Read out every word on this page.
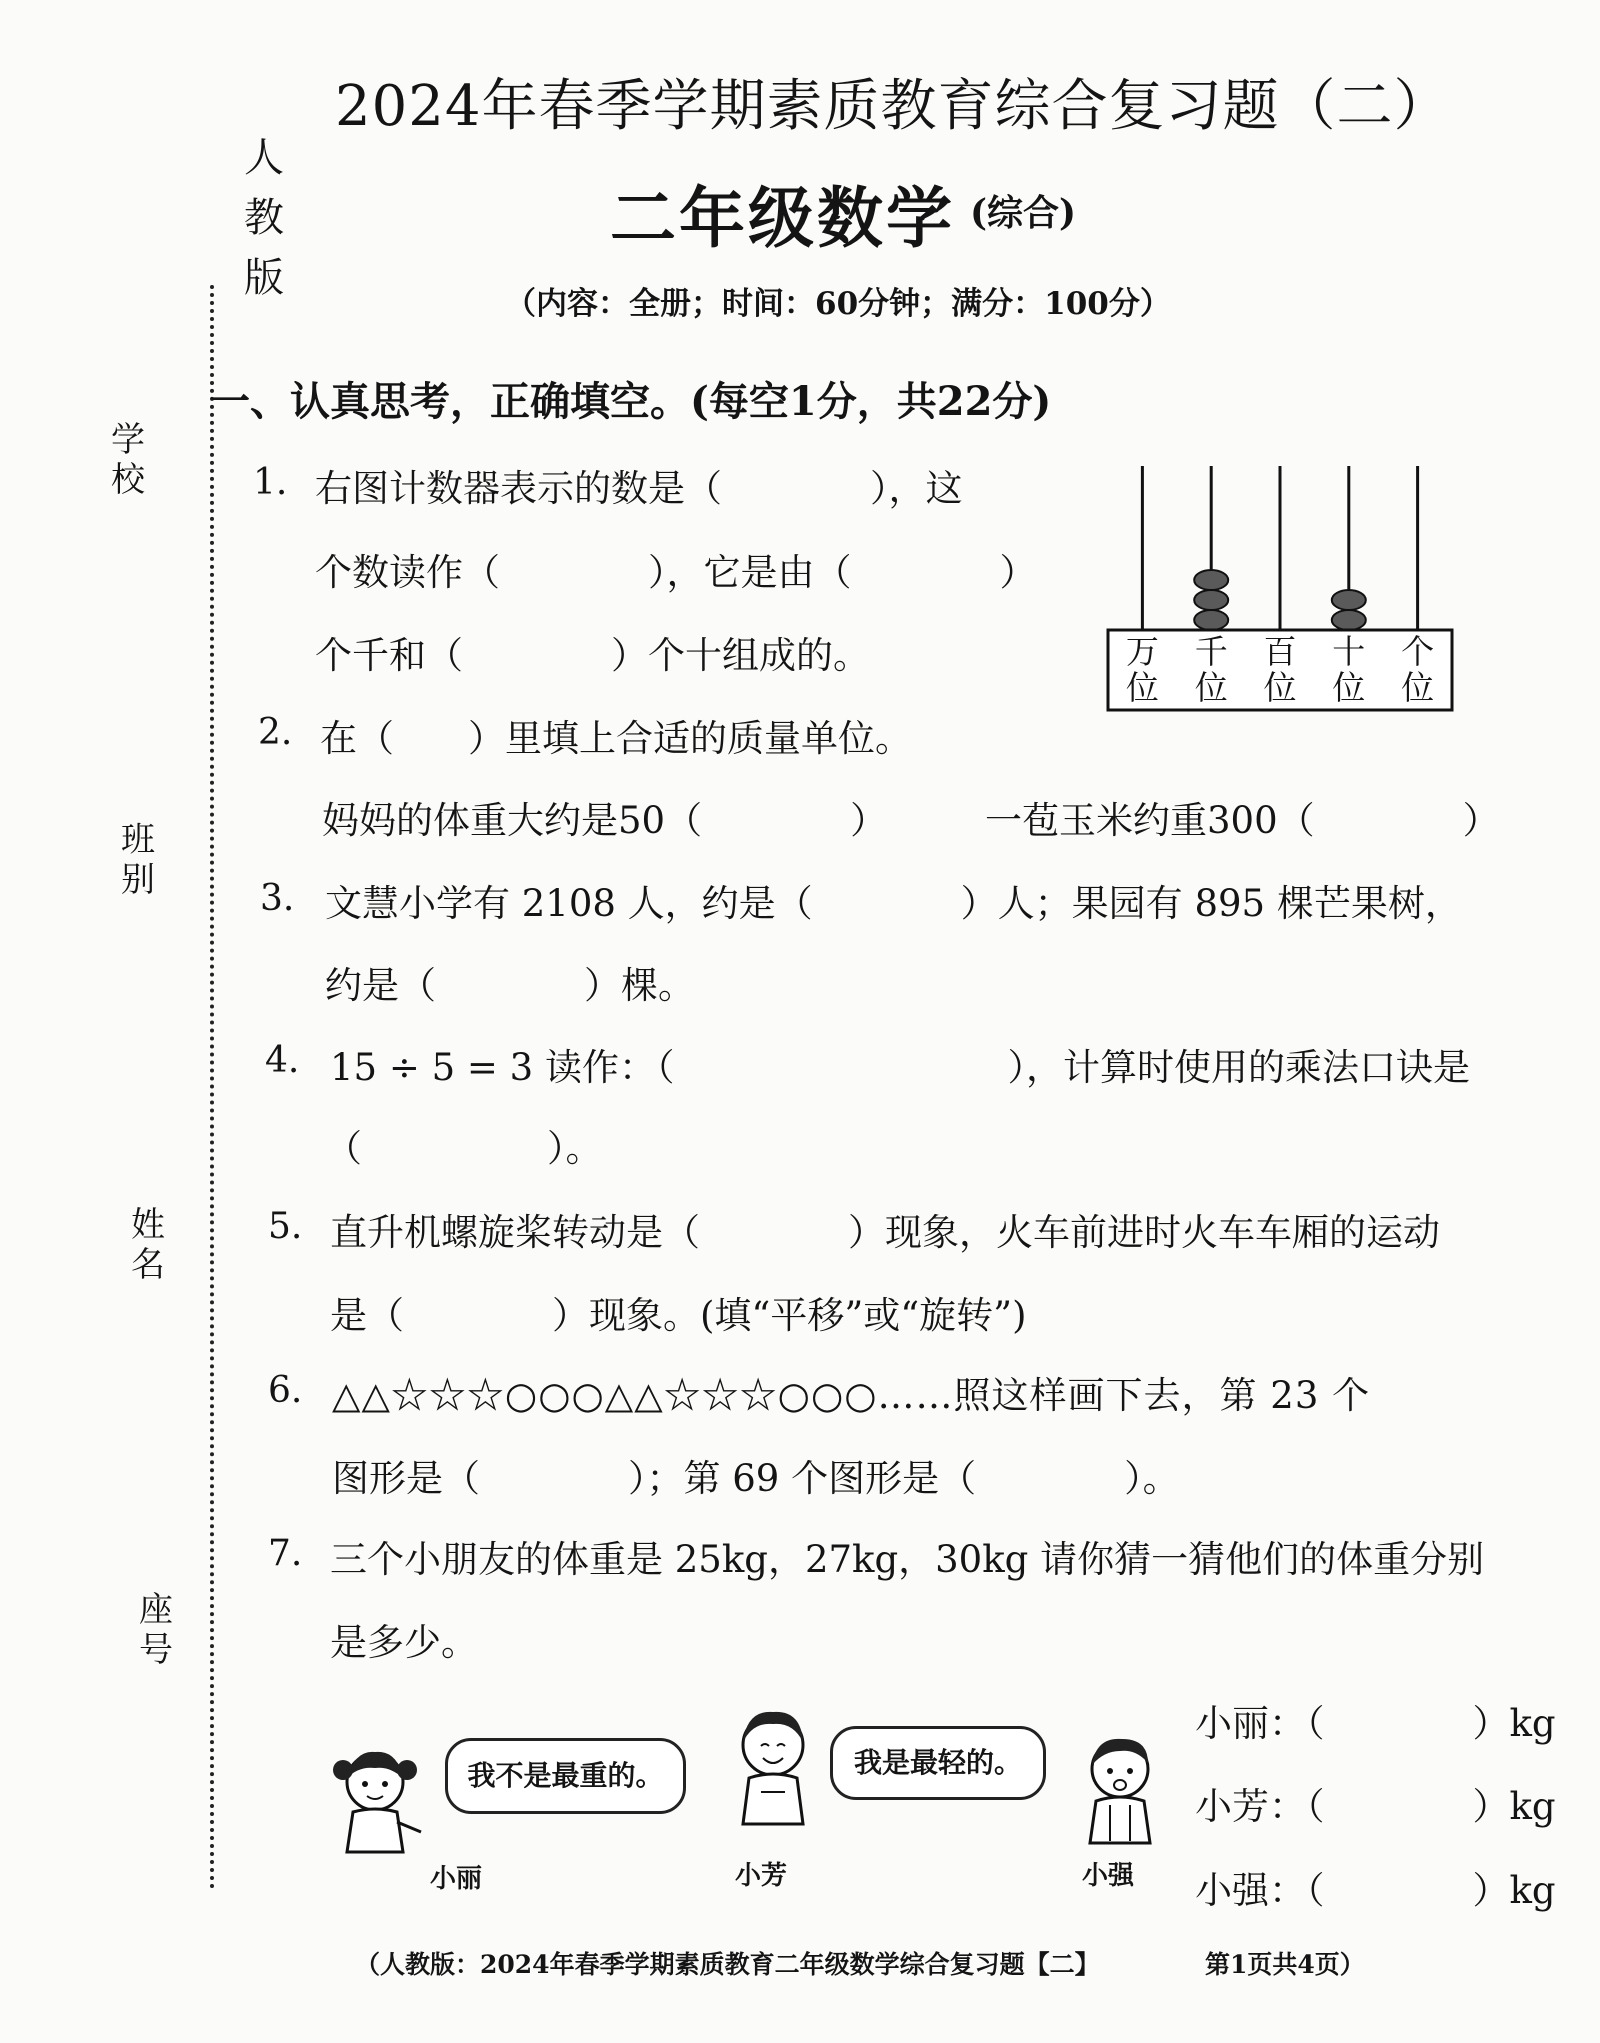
2024年春季学期素质教育综合复习题（二）
人
教
版
二年级数学 (综合)
（内容：全册；时间：60分钟；满分：100分）
学
校
班
别
姓
名
座
号
一、认真思考，正确填空。(每空1分，共22分)
1. 右图计数器表示的数是（　　　　），这
个数读作（　　　　），它是由（　　　　）
个千和（　　　　）个十组成的。	万位
千位
百位
十位
个位
2. 在（　　）里填上合适的质量单位。
妈妈的体重大约是50（　　　　）	一苞玉米约重300（　　　　）
3. 文慧小学有 2108 人，约是（　　　　）人；果园有 895 棵芒果树，
约是（　　　　）棵。
4. 15 ÷ 5 = 3 读作：（　　　　　　　　　），计算时使用的乘法口诀是
（　　　　　）。
5. 直升机螺旋桨转动是（　　　　）现象，火车前进时火车车厢的运动
是（　　　　）现象。(填“平移”或“旋转”)
6. △△☆☆☆○○○△△☆☆☆○○○……照这样画下去，第 23 个
图形是（　　　　）；第 69 个图形是（　　　　）。
7. 三个小朋友的体重是 25kg，27kg，30kg 请你猜一猜他们的体重分别
是多少。
小丽：（　　　　）kg
小芳：（　　　　）kg
小强：（　　　　）kg
我不是最重的。	我是最轻的。
小丽	小芳	小强
（人教版：2024年春季学期素质教育二年级数学综合复习题【二】	第1页共4页）
